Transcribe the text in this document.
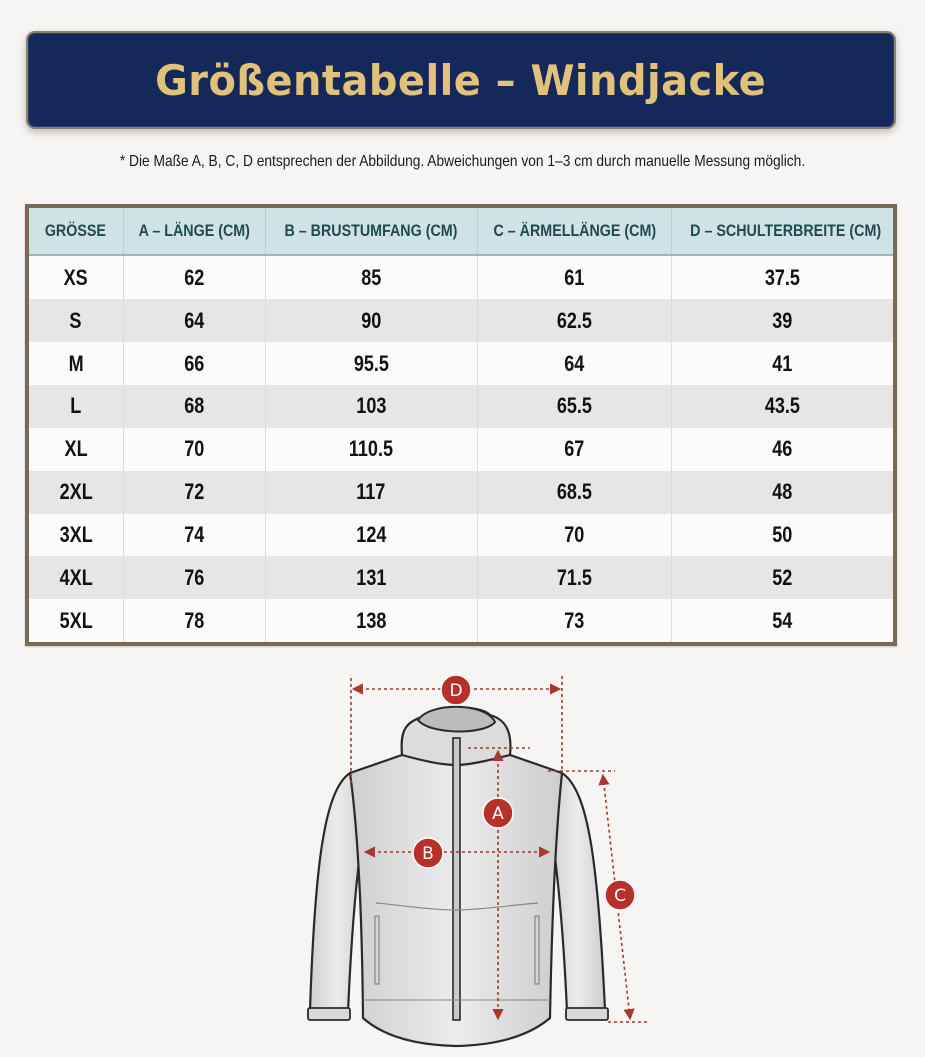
Größentabelle – Windjacke
* Die Maße A, B, C, D entsprechen der Abbildung. Abweichungen von 1–3 cm durch manuelle Messung möglich.
GRÖSSE	A – LÄNGE (CM)	B – BRUSTUMFANG (CM)	C – ÄRMELLÄNGE (CM)	D – SCHULTERBREITE (CM)
XS	62	85	61	37.5
S	64	90	62.5	39
M	66	95.5	64	41
L	68	103	65.5	43.5
XL	70	110.5	67	46
2XL	72	117	68.5	48
3XL	74	124	70	50
4XL	76	131	71.5	52
5XL	78	138	73	54
D
A
B
C
